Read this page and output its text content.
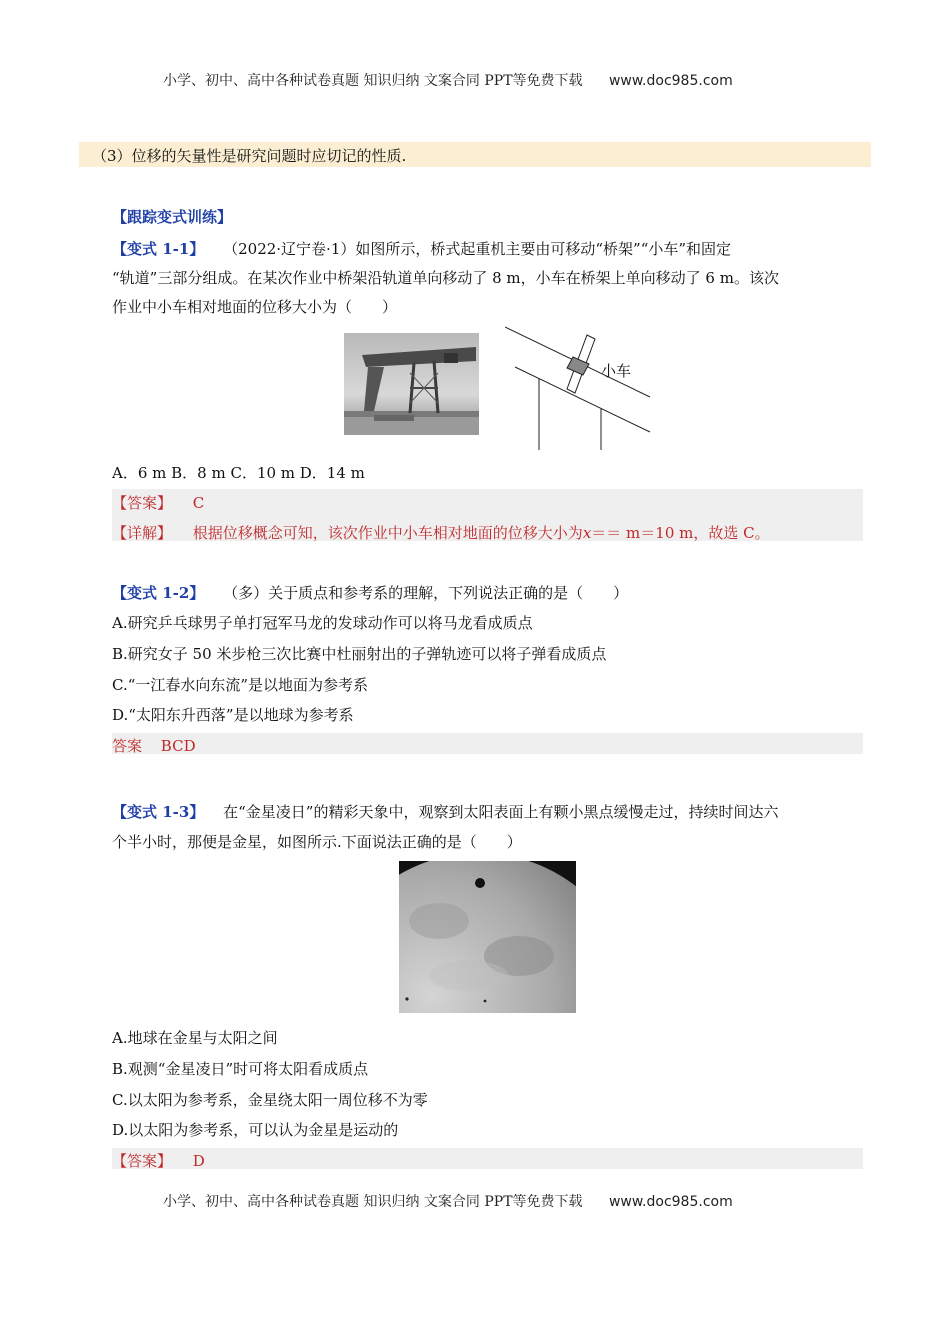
小学、初中、高中各种试卷真题 知识归纳 文案合同 PPT等免费下载 www.doc985.com
（3）位移的矢量性是研究问题时应切记的性质.
【跟踪变式训练】
【变式 1-1】 （2022·辽宁卷·1）如图所示，桥式起重机主要由可移动“桥架”“小车”和固定
“轨道”三部分组成。在某次作业中桥架沿轨道单向移动了 8 m，小车在桥架上单向移动了 6 m。该次
作业中小车相对地面的位移大小为（　　）
小车
A．6 m B．8 m C．10 m D．14 m
【答案】 C
【详解】 根据位移概念可知，该次作业中小车相对地面的位移大小为x＝＝ m＝10 m，故选 C。
【变式 1-2】 （多）关于质点和参考系的理解，下列说法正确的是（　　）
A.研究乒乓球男子单打冠军马龙的发球动作可以将马龙看成质点
B.研究女子 50 米步枪三次比赛中杜丽射出的子弹轨迹可以将子弹看成质点
C.“一江春水向东流”是以地面为参考系
D.“太阳东升西落”是以地球为参考系
答案 BCD
【变式 1-3】 在“金星凌日”的精彩天象中，观察到太阳表面上有颗小黑点缓慢走过，持续时间达六
个半小时，那便是金星，如图所示.下面说法正确的是（　　）
A.地球在金星与太阳之间
B.观测“金星凌日”时可将太阳看成质点
C.以太阳为参考系，金星绕太阳一周位移不为零
D.以太阳为参考系，可以认为金星是运动的
【答案】 D
小学、初中、高中各种试卷真题 知识归纳 文案合同 PPT等免费下载 www.doc985.com
